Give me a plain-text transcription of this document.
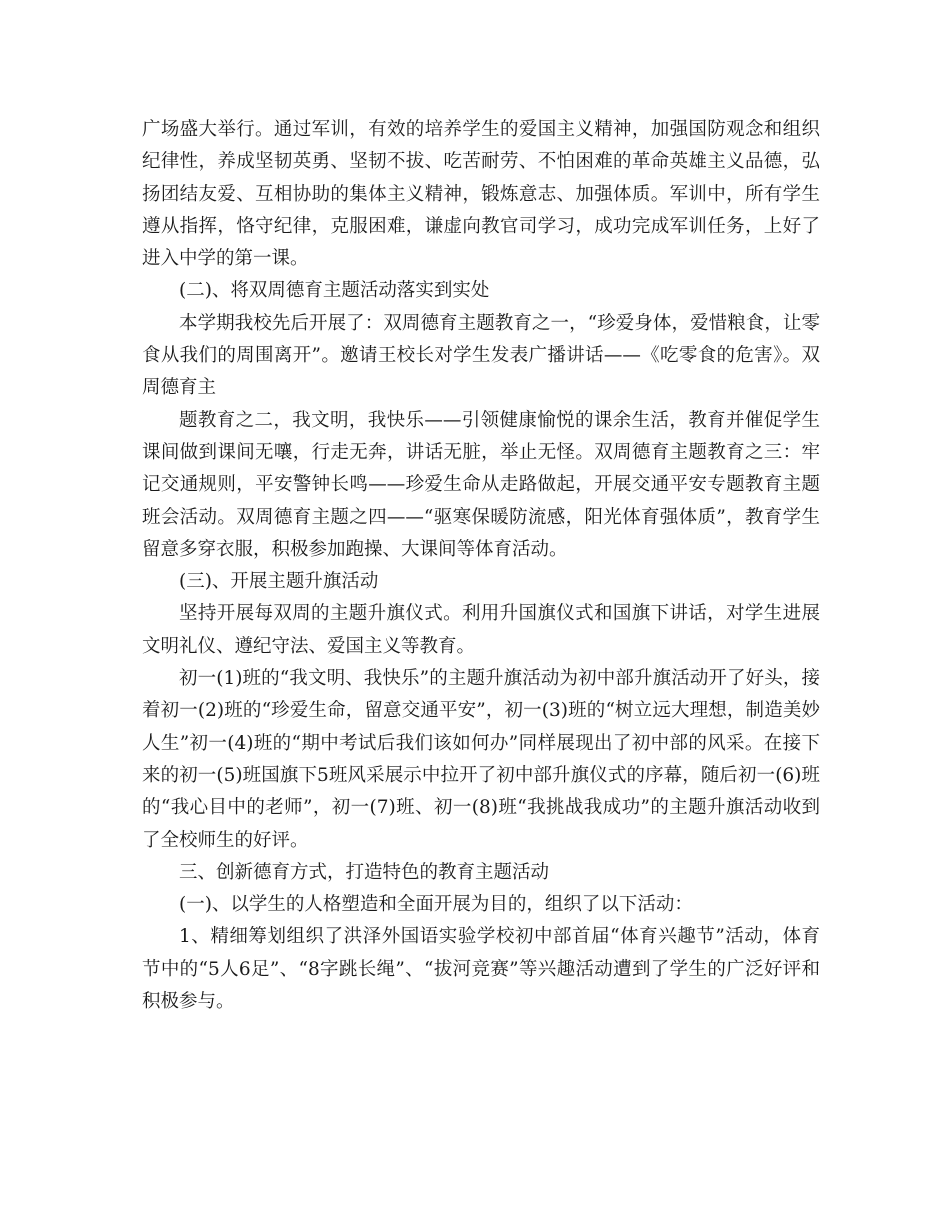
广场盛大举行。通过军训，有效的培养学生的爱国主义精神，加强国防观念和组织纪律性，养成坚韧英勇、坚韧不拔、吃苦耐劳、不怕困难的革命英雄主义品德，弘扬团结友爱、互相协助的集体主义精神，锻炼意志、加强体质。军训中，所有学生遵从指挥，恪守纪律，克服困难，谦虚向教官司学习，成功完成军训任务，上好了进入中学的第一课。

(二)、将双周德育主题活动落实到实处

本学期我校先后开展了：双周德育主题教育之一，“珍爱身体，爱惜粮食，让零食从我们的周围离开”。邀请王校长对学生发表广播讲话——《吃零食的危害》。双周德育主

题教育之二，我文明，我快乐——引领健康愉悦的课余生活，教育并催促学生课间做到课间无嚷，行走无奔，讲话无脏，举止无怪。双周德育主题教育之三：牢记交通规则，平安警钟长鸣——珍爱生命从走路做起，开展交通平安专题教育主题班会活动。双周德育主题之四——“驱寒保暖防流感，阳光体育强体质”，教育学生留意多穿衣服，积极参加跑操、大课间等体育活动。

(三)、开展主题升旗活动

坚持开展每双周的主题升旗仪式。利用升国旗仪式和国旗下讲话，对学生进展文明礼仪、遵纪守法、爱国主义等教育。

初一(1)班的“我文明、我快乐”的主题升旗活动为初中部升旗活动开了好头，接着初一(2)班的“珍爱生命，留意交通平安”，初一(3)班的“树立远大理想，制造美妙人生”初一(4)班的“期中考试后我们该如何办”同样展现出了初中部的风采。在接下来的初一(5)班国旗下5班风采展示中拉开了初中部升旗仪式的序幕，随后初一(6)班的“我心目中的老师”，初一(7)班、初一(8)班“我挑战我成功”的主题升旗活动收到了全校师生的好评。

三、创新德育方式，打造特色的教育主题活动

(一)、以学生的人格塑造和全面开展为目的，组织了以下活动：

1、精细筹划组织了洪泽外国语实验学校初中部首届“体育兴趣节”活动，体育节中的“5人6足”、“8字跳长绳”、“拔河竞赛”等兴趣活动遭到了学生的广泛好评和积极参与。
